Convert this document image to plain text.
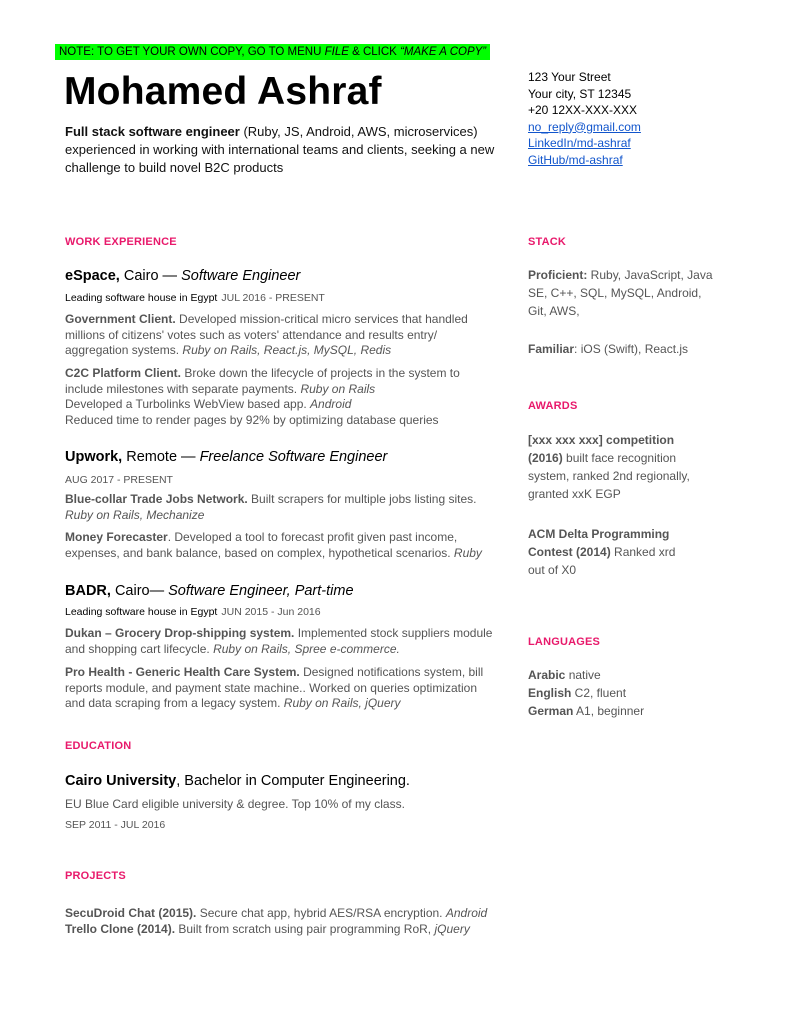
NOTE: TO GET YOUR OWN COPY, GO TO MENU FILE & CLICK “MAKE A COPY”
Mohamed Ashraf
Full stack software engineer (Ruby, JS, Android, AWS, microservices) experienced in working with international teams and clients, seeking a new challenge to build novel B2C products
123 Your Street
Your city, ST 12345
+20 12XX-XXX-XXX
no_reply@gmail.com
LinkedIn/md-ashraf
GitHub/md-ashraf
WORK EXPERIENCE
eSpace, Cairo — Software Engineer
Leading software house in Egypt JUL 2016 - PRESENT
Government Client. Developed mission-critical micro services that handled millions of citizens' votes such as voters' attendance and results entry/ aggregation systems. Ruby on Rails, React.js, MySQL, Redis
C2C Platform Client. Broke down the lifecycle of projects in the system to include milestones with separate payments. Ruby on Rails
Developed a Turbolinks WebView based app. Android
Reduced time to render pages by 92% by optimizing database queries
Upwork, Remote — Freelance Software Engineer
AUG 2017 - PRESENT
Blue-collar Trade Jobs Network. Built scrapers for multiple jobs listing sites.
Ruby on Rails, Mechanize
Money Forecaster. Developed a tool to forecast profit given past income, expenses, and bank balance, based on complex, hypothetical scenarios. Ruby
BADR, Cairo— Software Engineer, Part-time
Leading software house in Egypt JUN 2015 - Jun 2016
Dukan – Grocery Drop-shipping system. Implemented stock suppliers module and shopping cart lifecycle. Ruby on Rails, Spree e-commerce.
Pro Health - Generic Health Care System. Designed notifications system, bill reports module, and payment state machine.. Worked on queries optimization and data scraping from a legacy system. Ruby on Rails, jQuery
EDUCATION
Cairo University, Bachelor in Computer Engineering.
EU Blue Card eligible university & degree. Top 10% of my class.
SEP 2011 - JUL 2016
PROJECTS
SecuDroid Chat (2015). Secure chat app, hybrid AES/RSA encryption. Android
Trello Clone (2014). Built from scratch using pair programming RoR, jQuery
STACK
Proficient: Ruby, JavaScript, Java SE, C++, SQL, MySQL, Android, Git, AWS,
Familiar: iOS (Swift), React.js
AWARDS
[xxx xxx xxx] competition (2016) built face recognition system, ranked 2nd regionally, granted xxK EGP
ACM Delta Programming Contest (2014) Ranked xrd out of X0
LANGUAGES
Arabic native
English C2, fluent
German A1, beginner
